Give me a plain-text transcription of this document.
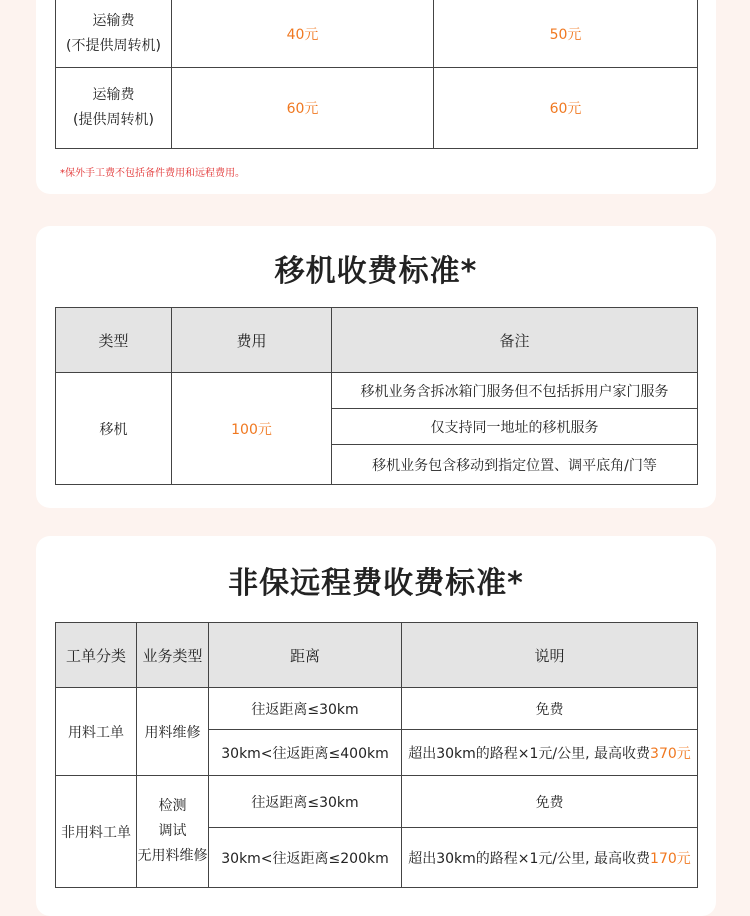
运输费
(不提供周转机)	40元	50元

运输费
(提供周转机)	60元	60元
*保外手工费不包括备件费用和远程费用。
移机收费标准*
类型	费用	备注
移机	100元	移机业务含拆冰箱门服务但不包括拆用户家门服务
		仅支持同一地址的移机服务
		移机业务包含移动到指定位置、调平底角/门等
非保远程费收费标准*
工单分类	业务类型	距离	说明
用料工单	用料维修	往返距离≤30km	免费
		30km<往返距离≤400km	超出30km的路程×1元/公里, 最高收费370元
非用料工单	检测
调试
无用料维修	往返距离≤30km	免费
		30km<往返距离≤200km	超出30km的路程×1元/公里, 最高收费170元
